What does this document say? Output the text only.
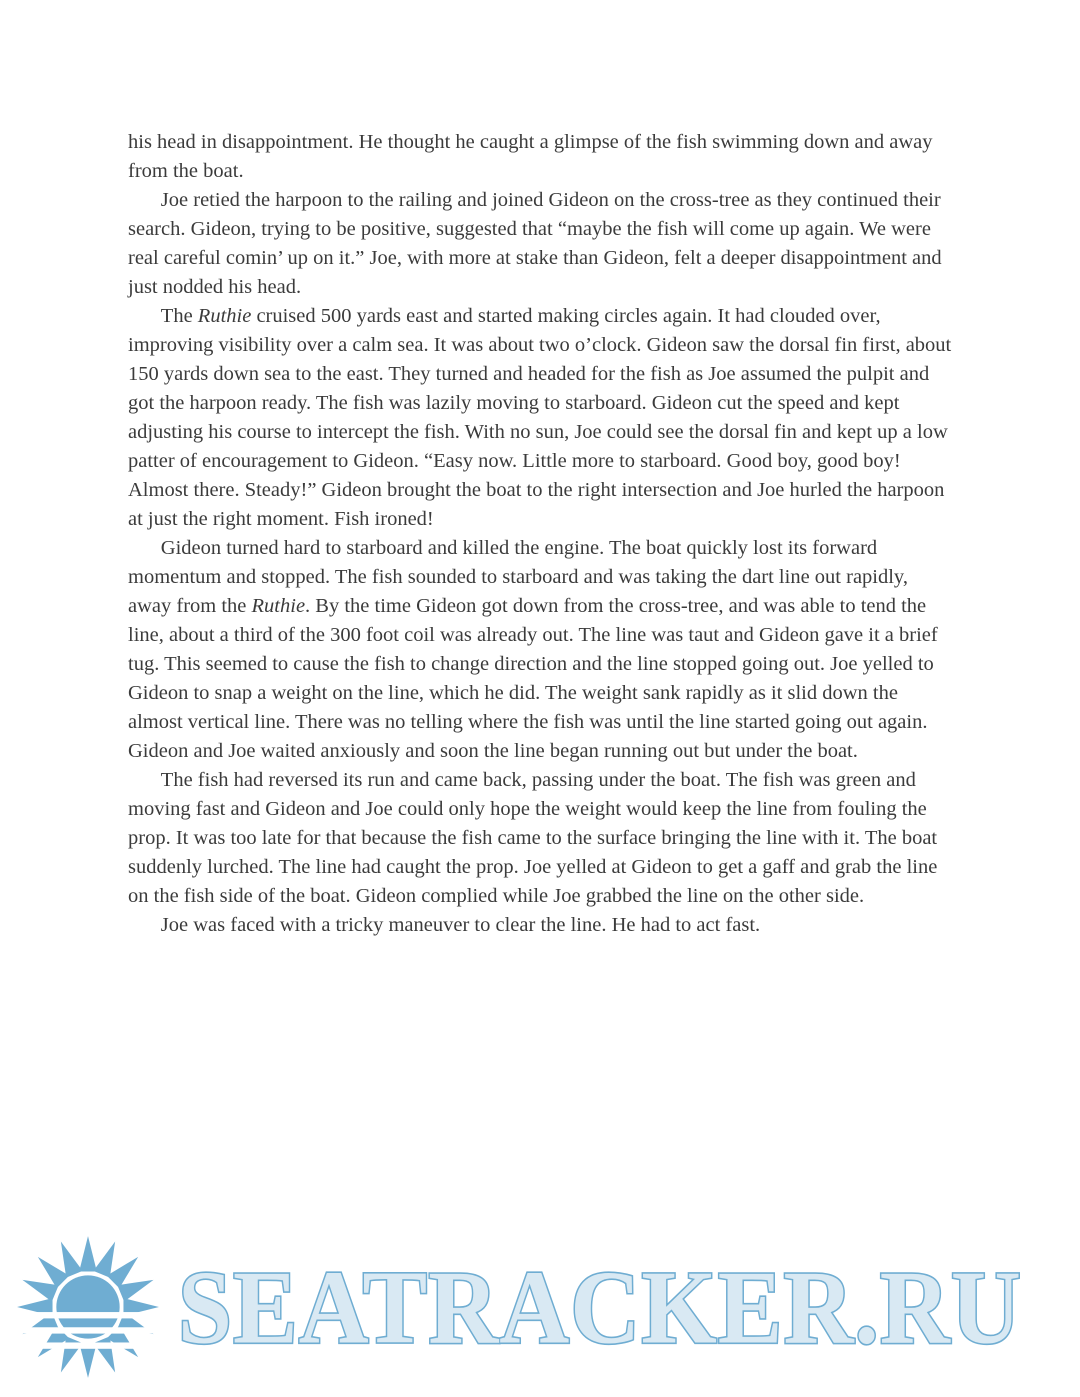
his head in disappointment. He thought he caught a glimpse of the fish swimming down and away from the boat.

Joe retied the harpoon to the railing and joined Gideon on the cross-tree as they continued their search. Gideon, trying to be positive, suggested that “maybe the fish will come up again. We were real careful comin’ up on it.” Joe, with more at stake than Gideon, felt a deeper disappointment and just nodded his head.

The Ruthie cruised 500 yards east and started making circles again. It had clouded over, improving visibility over a calm sea. It was about two o’clock. Gideon saw the dorsal fin first, about 150 yards down sea to the east. They turned and headed for the fish as Joe assumed the pulpit and got the harpoon ready. The fish was lazily moving to starboard. Gideon cut the speed and kept adjusting his course to intercept the fish. With no sun, Joe could see the dorsal fin and kept up a low patter of encouragement to Gideon. “Easy now. Little more to starboard. Good boy, good boy! Almost there. Steady!” Gideon brought the boat to the right intersection and Joe hurled the harpoon at just the right moment. Fish ironed!

Gideon turned hard to starboard and killed the engine. The boat quickly lost its forward momentum and stopped. The fish sounded to starboard and was taking the dart line out rapidly, away from the Ruthie. By the time Gideon got down from the cross-tree, and was able to tend the line, about a third of the 300 foot coil was already out. The line was taut and Gideon gave it a brief tug. This seemed to cause the fish to change direction and the line stopped going out. Joe yelled to Gideon to snap a weight on the line, which he did. The weight sank rapidly as it slid down the almost vertical line. There was no telling where the fish was until the line started going out again. Gideon and Joe waited anxiously and soon the line began running out but under the boat.

The fish had reversed its run and came back, passing under the boat. The fish was green and moving fast and Gideon and Joe could only hope the weight would keep the line from fouling the prop. It was too late for that because the fish came to the surface bringing the line with it. The boat suddenly lurched. The line had caught the prop. Joe yelled at Gideon to get a gaff and grab the line on the fish side of the boat. Gideon complied while Joe grabbed the line on the other side.

Joe was faced with a tricky maneuver to clear the line. He had to act fast.

SEATRACKER.RU
